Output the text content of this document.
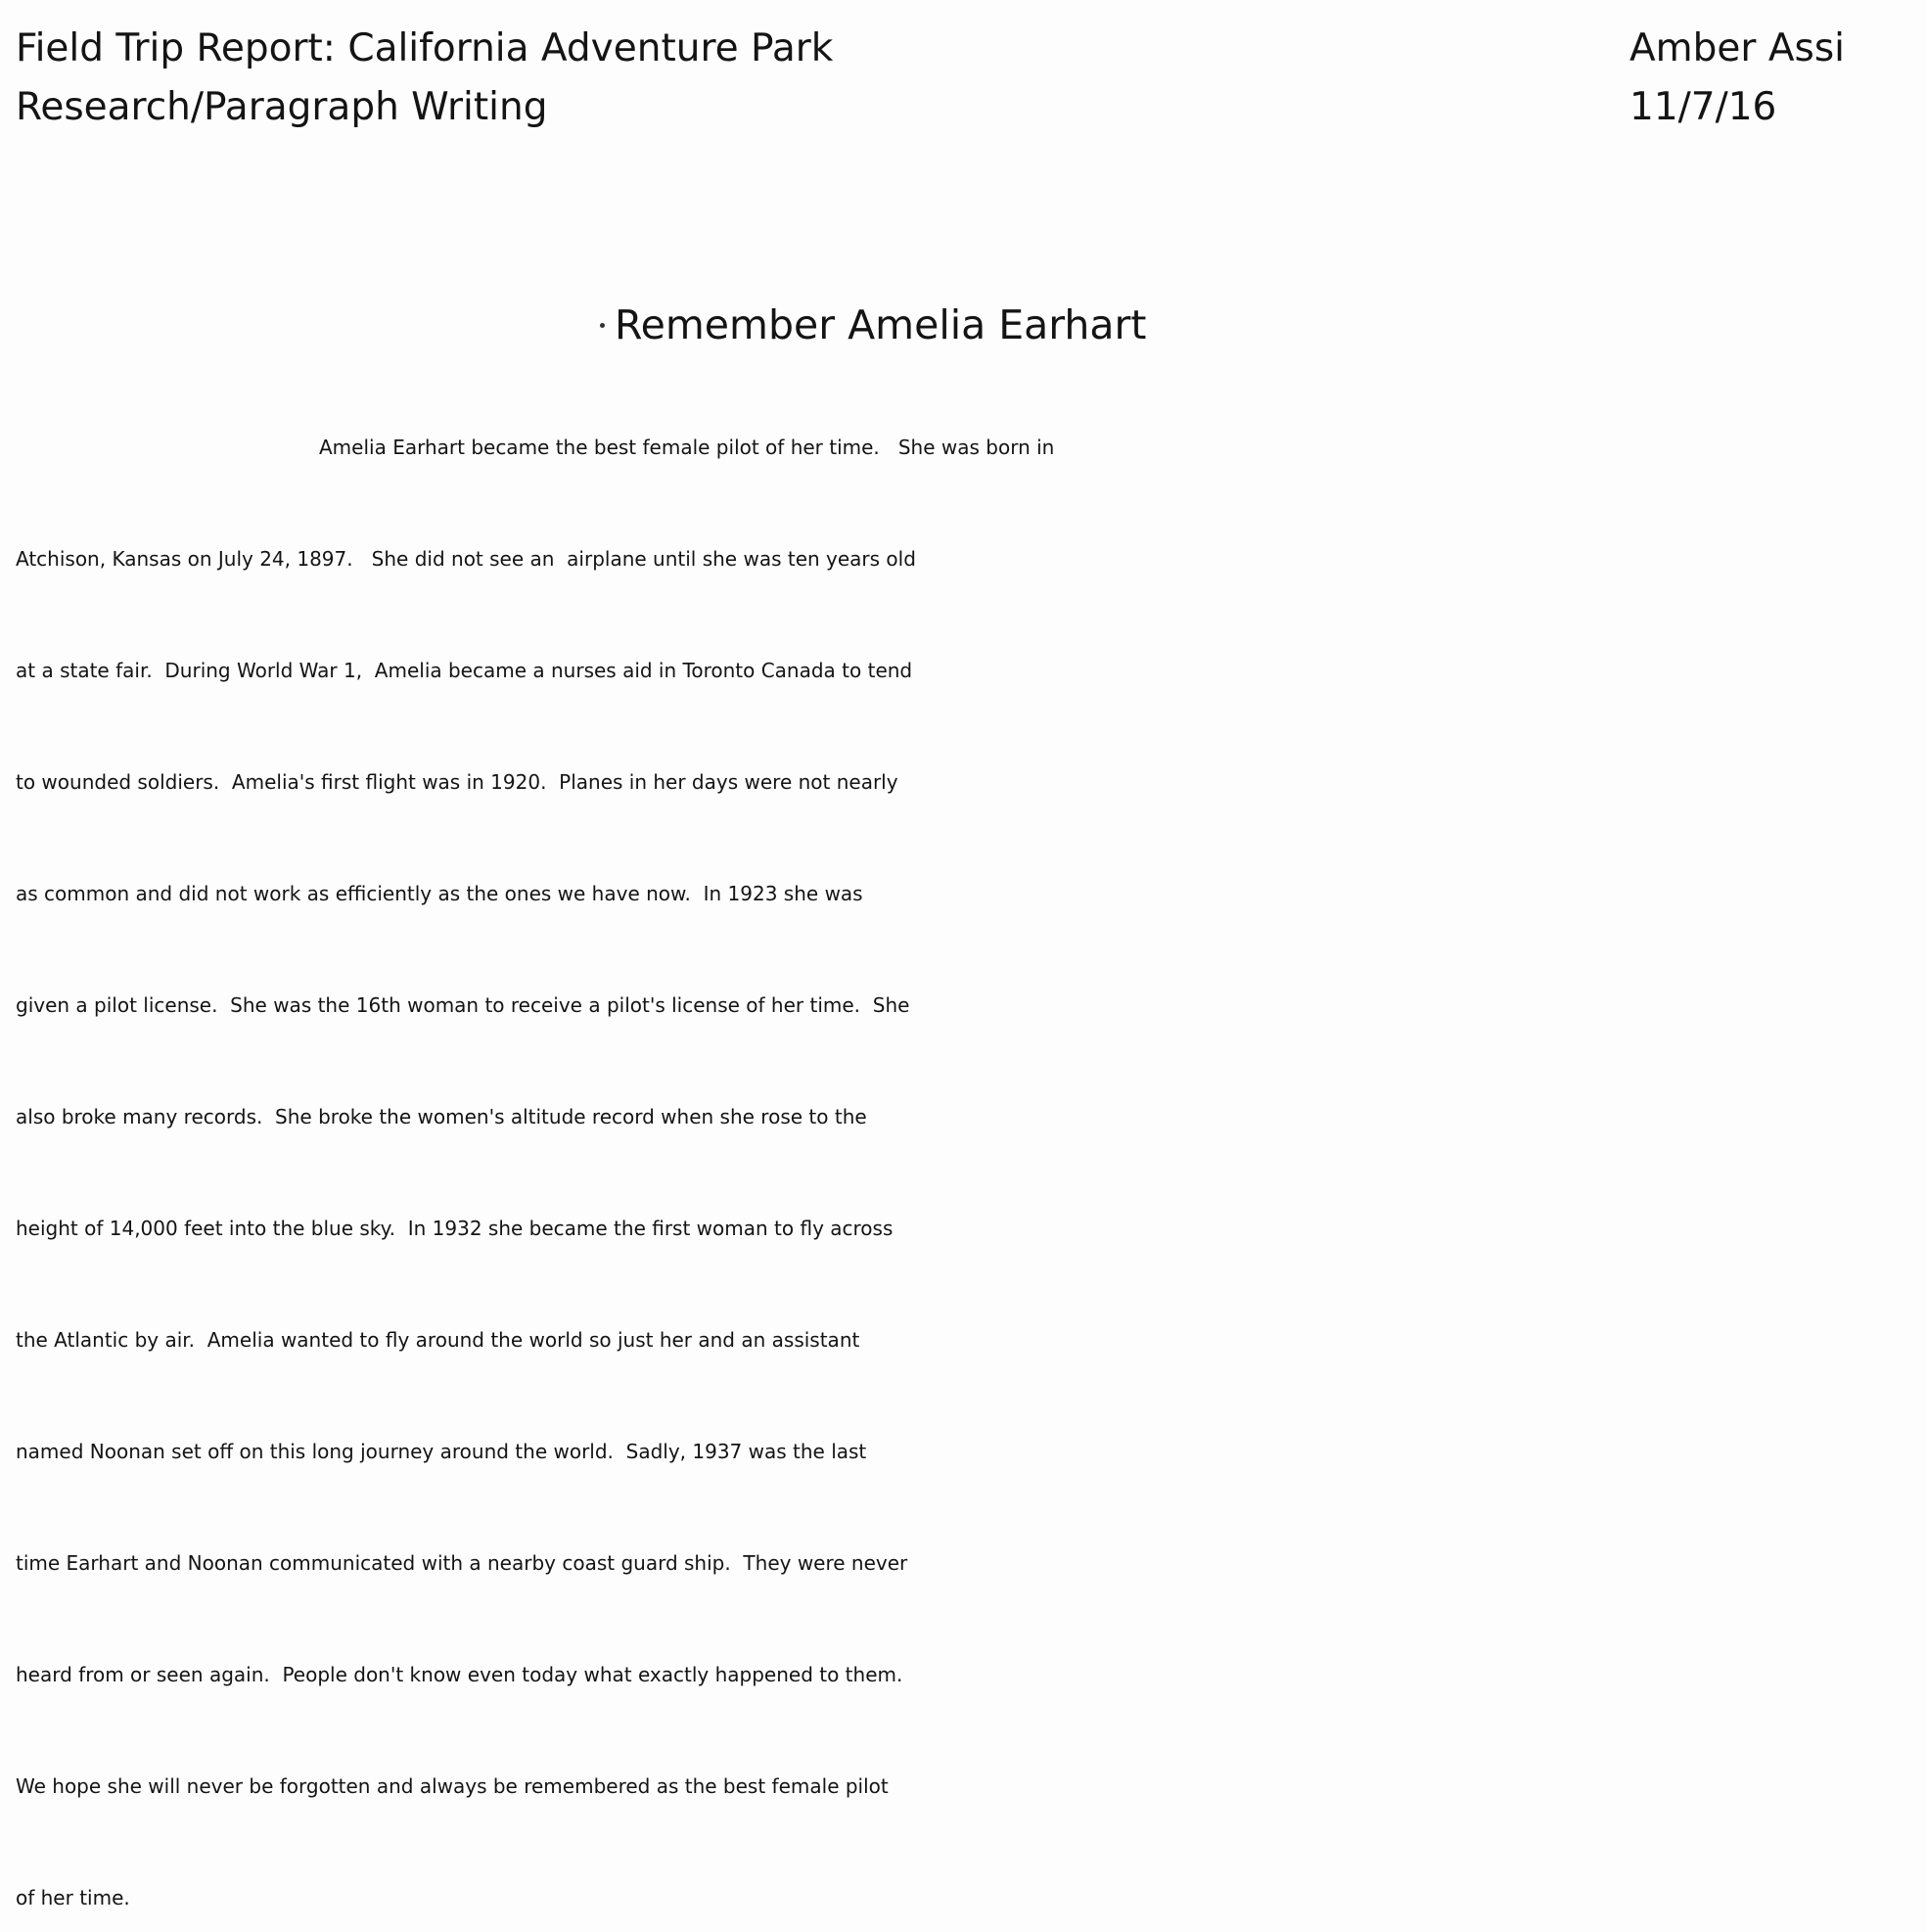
Field Trip Report: California Adventure Park
Research/Paragraph Writing
Amber Assi
11/7/16
Remember Amelia Earhart
Amelia Earhart became the best female pilot of her time.   She was born in
Atchison, Kansas on July 24, 1897.   She did not see an  airplane until she was ten years old
at a state fair.  During World War 1,  Amelia became a nurses aid in Toronto Canada to tend
to wounded soldiers.  Amelia's first flight was in 1920.  Planes in her days were not nearly
as common and did not work as efficiently as the ones we have now.  In 1923 she was
given a pilot license.  She was the 16th woman to receive a pilot's license of her time.  She
also broke many records.  She broke the women's altitude record when she rose to the
height of 14,000 feet into the blue sky.  In 1932 she became the first woman to fly across
the Atlantic by air.  Amelia wanted to fly around the world so just her and an assistant
named Noonan set off on this long journey around the world.  Sadly, 1937 was the last
time Earhart and Noonan communicated with a nearby coast guard ship.  They were never
heard from or seen again.  People don't know even today what exactly happened to them.
We hope she will never be forgotten and always be remembered as the best female pilot
of her time.
